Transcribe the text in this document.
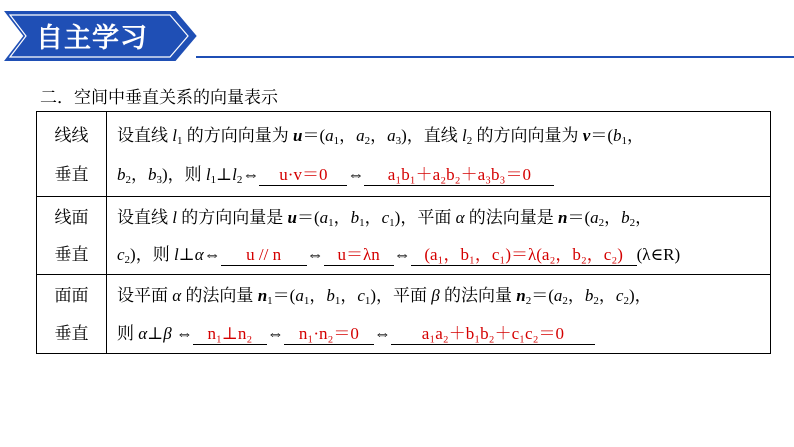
自主学习
二．空间中垂直关系的向量表示
线线
垂直
设直线 $l_1$ 的方向向量为 $u=(a_1$，$a_2$，$a_3$)，直线 $l_2$ 的方向向量为 $v=(b_1$，
$b_2$，$b_3$)，则 $l_1\perp l_2\Leftrightarrow$ u·v＝0 ⇔ a₁b₁＋a₂b₂＋a₃b₃＝0
线面
垂直
设直线 l 的方向向量是 $u=(a_1$，$b_1$，$c_1$)，平面 α 的法向量是 $n=(a_2$，$b_2$，
$c_2$)，则 l⊥α⇔ u // n ⇔ u＝λn ⇔ (a₁，b₁，c₁)＝λ(a₂，b₂，c₂) (λ∈R)
面面
垂直
设平面 α 的法向量 $n_1=(a_1$，$b_1$，$c_1$)，平面 β 的法向量 $n_2=(a_2$，$b_2$，$c_2$)，
则 α⊥β ⇔ n₁⊥n₂ ⇔ n₁·n₂＝0 ⇔ a₁a₂＋b₁b₂＋c₁c₂＝0
